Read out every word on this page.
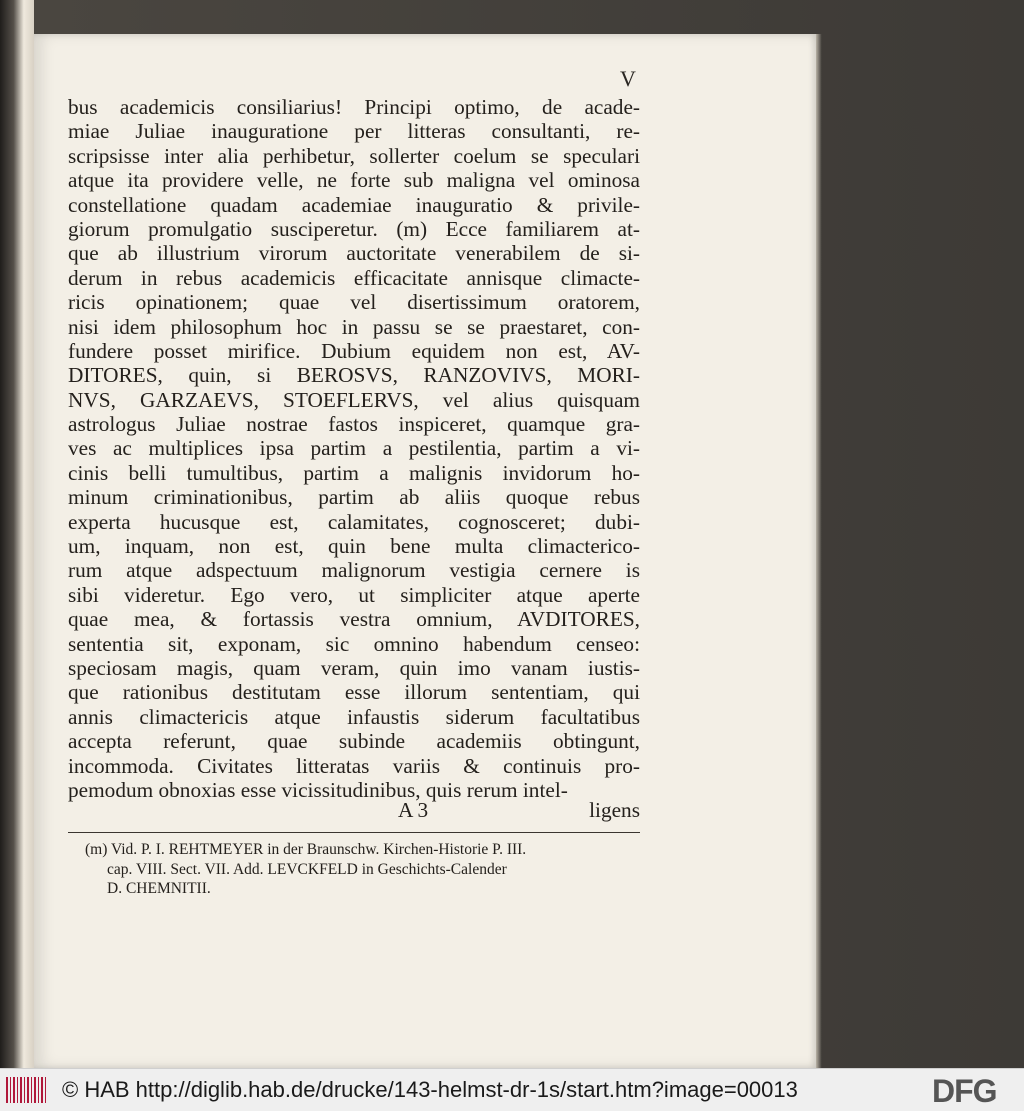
V
bus academicis consiliarius! Principi optimo, de acade-
miae Juliae inauguratione per litteras consultanti, re-
scripsisse inter alia perhibetur, sollerter coelum se speculari
atque ita providere velle, ne forte sub maligna vel ominosa
constellatione quadam academiae inauguratio & privile-
giorum promulgatio susciperetur. (m) Ecce familiarem at-
que ab illustrium virorum auctoritate venerabilem de si-
derum in rebus academicis efficacitate annisque climacte-
ricis opinationem; quae vel disertissimum oratorem,
nisi idem philosophum hoc in passu se se praestaret, con-
fundere posset mirifice. Dubium equidem non est, AV-
DITORES, quin, si BEROSVS, RANZOVIVS, MORI-
NVS, GARZAEVS, STOEFLERVS, vel alius quisquam
astrologus Juliae nostrae fastos inspiceret, quamque gra-
ves ac multiplices ipsa partim a pestilentia, partim a vi-
cinis belli tumultibus, partim a malignis invidorum ho-
minum criminationibus, partim ab aliis quoque rebus
experta hucusque est, calamitates, cognosceret; dubi-
um, inquam, non est, quin bene multa climacterico-
rum atque adspectuum malignorum vestigia cernere is
sibi videretur. Ego vero, ut simpliciter atque aperte
quae mea, & fortassis vestra omnium, AVDITORES,
sententia sit, exponam, sic omnino habendum censeo:
speciosam magis, quam veram, quin imo vanam iustis-
que rationibus destitutam esse illorum sententiam, qui
annis climactericis atque infaustis siderum facultatibus
accepta referunt, quae subinde academiis obtingunt,
incommoda. Civitates litteratas variis & continuis pro-
pemodum obnoxias esse vicissitudinibus, quis rerum intel-
A 3	ligens
(m) Vid. P. I. REHTMEYER in der Braunschw. Kirchen-Historie P. III.
cap. VIII. Sect. VII. Add. LEVCKFELD in Geschichts-Calender
D. CHEMNITII.
© HAB http://diglib.hab.de/drucke/143-helmst-dr-1s/start.htm?image=00013	DFG
